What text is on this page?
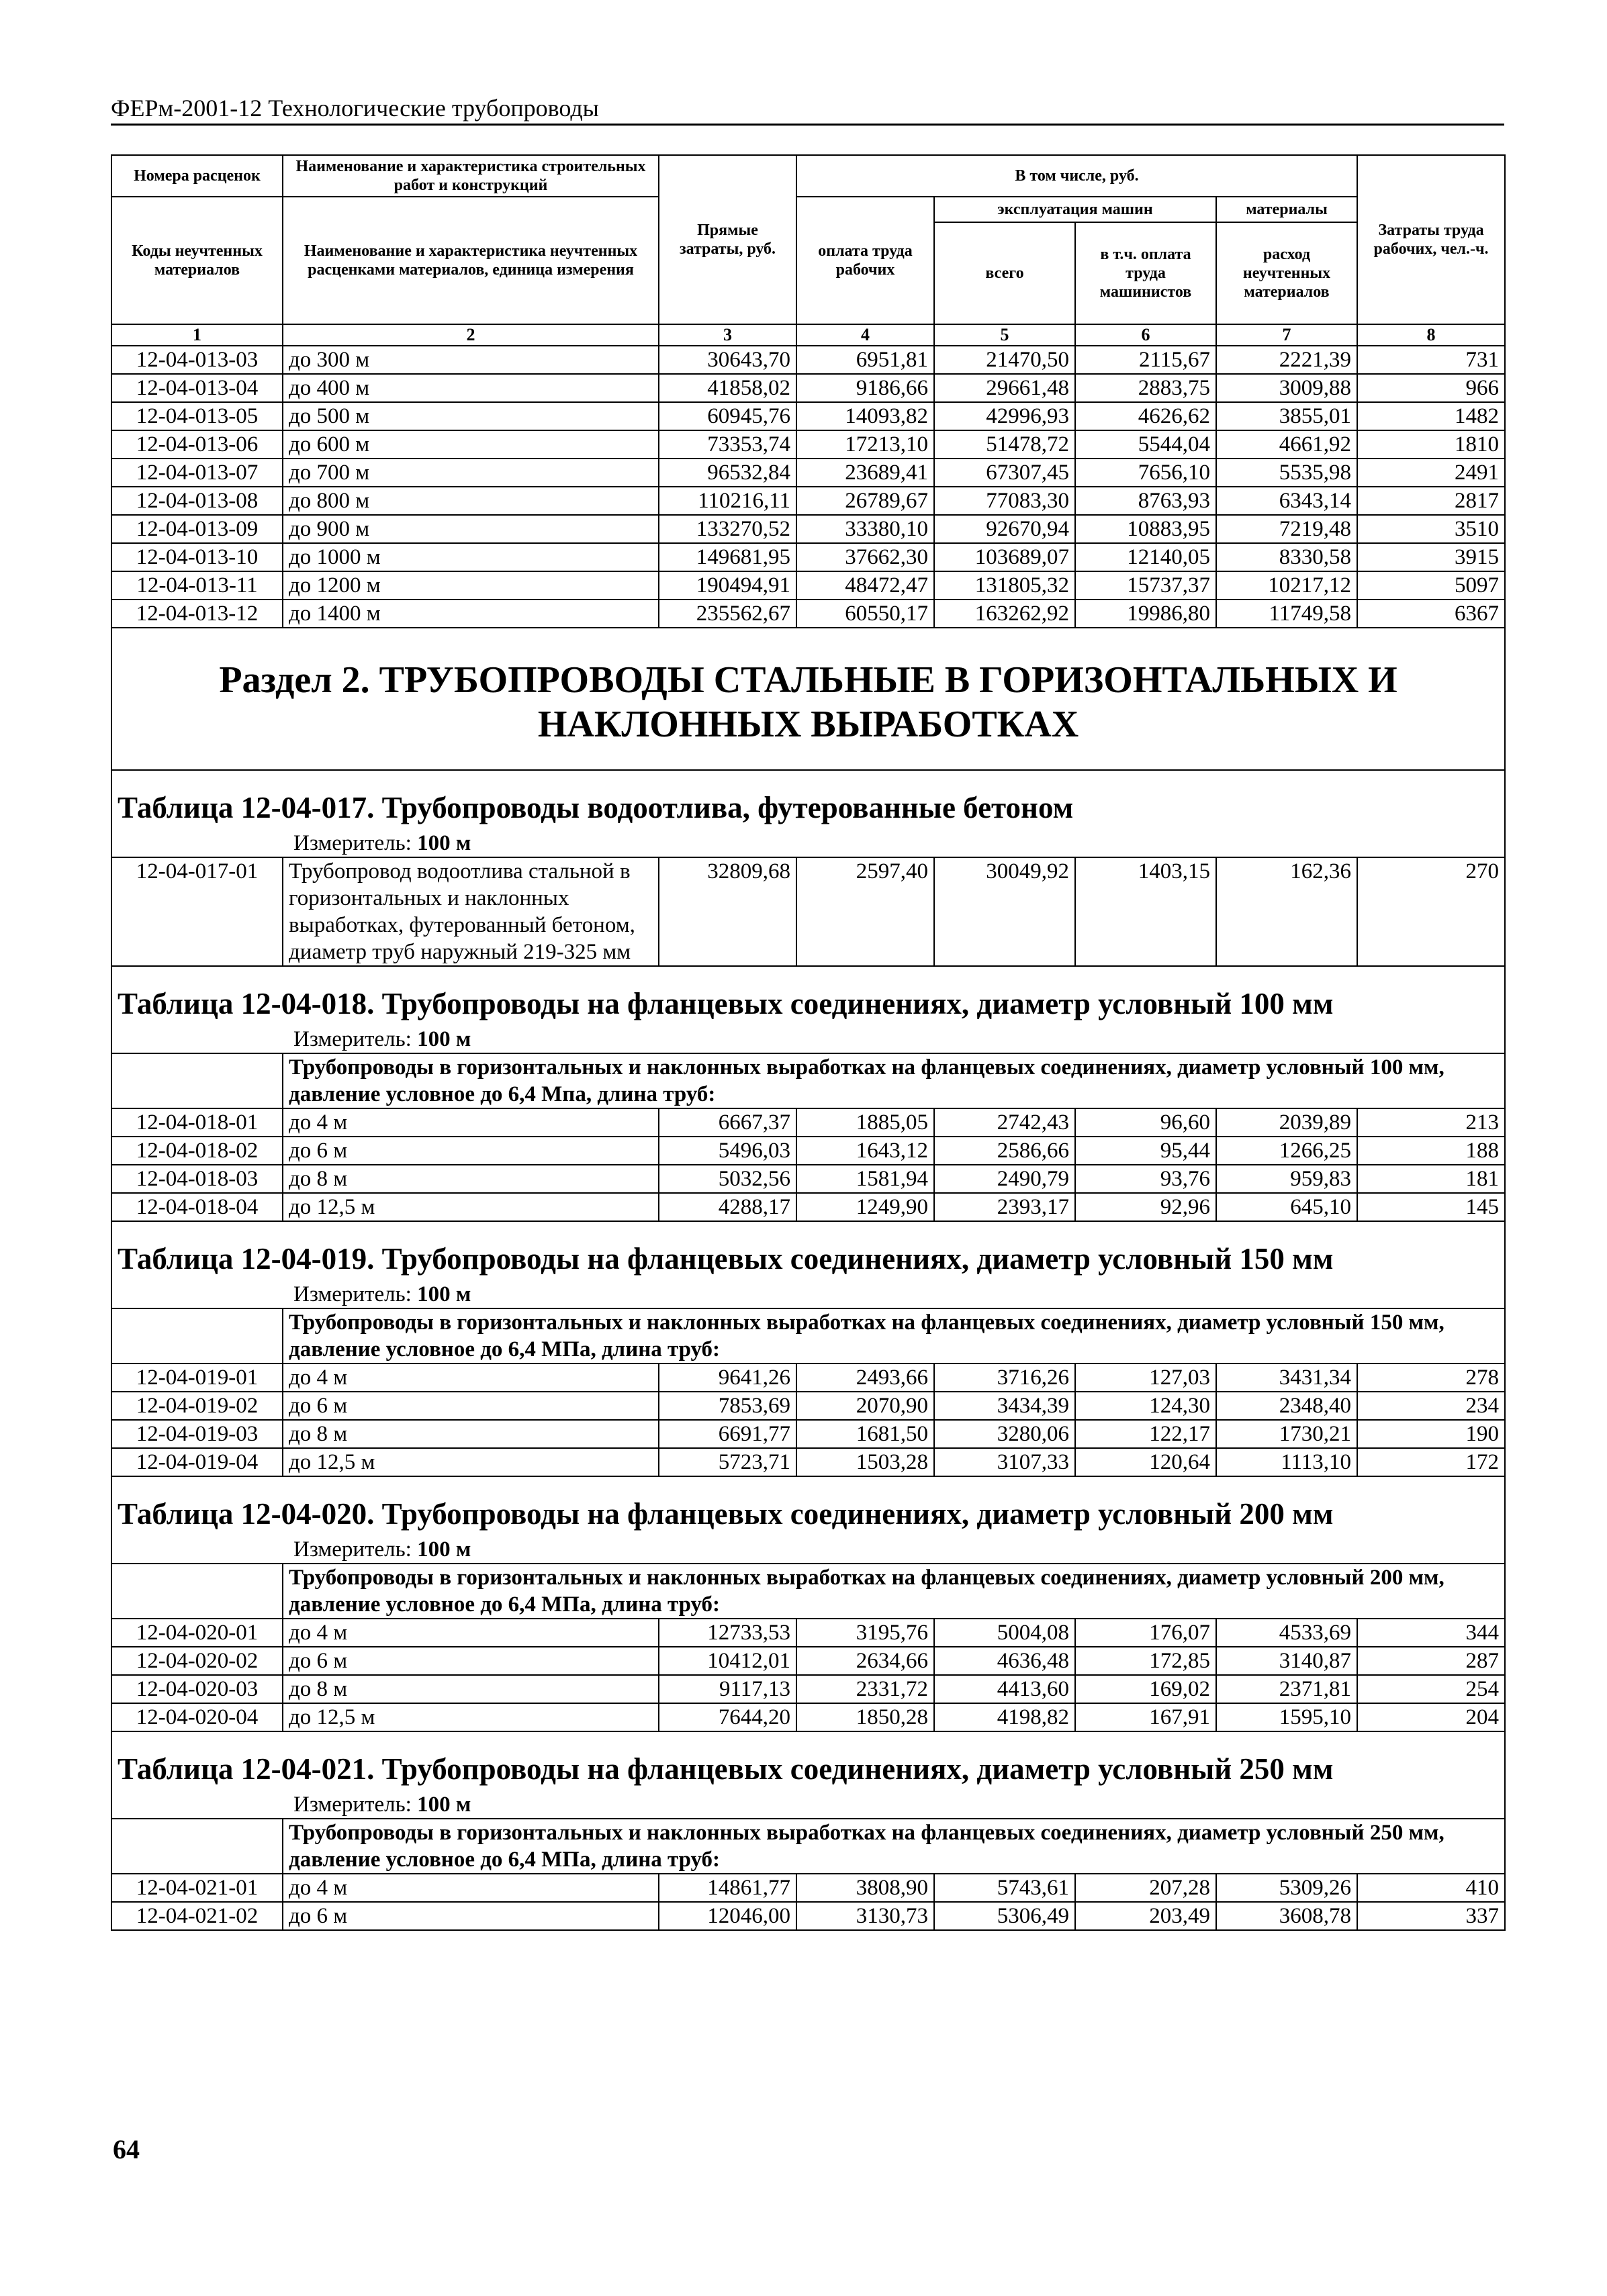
ФЕРм-2001-12 Технологические трубопроводы
Номера расценок	Наименование и характеристика строительных работ и конструкций	Прямые затраты, руб.	В том числе, руб.				Затраты труда рабочих, чел.-ч.
Коды неучтенных материалов	Наименование и характеристика неучтенных расценками материалов, единица измерения		оплата труда рабочих	эксплуатация машин		материалы	
				всего	в т.ч. оплата труда машинистов	расход неучтенных материалов	
1	2	3	4	5	6	7	8
12-04-013-03	до 300 м	30643,70	6951,81	21470,50	2115,67	2221,39	731
12-04-013-04	до 400 м	41858,02	9186,66	29661,48	2883,75	3009,88	966
12-04-013-05	до 500 м	60945,76	14093,82	42996,93	4626,62	3855,01	1482
12-04-013-06	до 600 м	73353,74	17213,10	51478,72	5544,04	4661,92	1810
12-04-013-07	до 700 м	96532,84	23689,41	67307,45	7656,10	5535,98	2491
12-04-013-08	до 800 м	110216,11	26789,67	77083,30	8763,93	6343,14	2817
12-04-013-09	до 900 м	133270,52	33380,10	92670,94	10883,95	7219,48	3510
12-04-013-10	до 1000 м	149681,95	37662,30	103689,07	12140,05	8330,58	3915
12-04-013-11	до 1200 м	190494,91	48472,47	131805,32	15737,37	10217,12	5097
12-04-013-12	до 1400 м	235562,67	60550,17	163262,92	19986,80	11749,58	6367

Раздел 2. ТРУБОПРОВОДЫ СТАЛЬНЫЕ В ГОРИЗОНТАЛЬНЫХ И НАКЛОННЫХ ВЫРАБОТКАХ							

Таблица 12-04-017. Трубопроводы водоотлива, футерованные бетоном
Измеритель: 100 м							

12-04-017-01	Трубопровод водоотлива стальной в горизонтальных и наклонных выработках, футерованный бетоном, диаметр труб наружный 219-325 мм	32809,68	2597,40	30049,92	1403,15	162,36	270

Таблица 12-04-018. Трубопроводы на фланцевых соединениях, диаметр условный 100 мм
Измеритель: 100 м							

	Трубопроводы в горизонтальных и наклонных выработках на фланцевых соединениях, диаметр условный 100 мм, давление условное до 6,4 Мпа, длина труб:						
12-04-018-01	до 4 м	6667,37	1885,05	2742,43	96,60	2039,89	213
12-04-018-02	до 6 м	5496,03	1643,12	2586,66	95,44	1266,25	188
12-04-018-03	до 8 м	5032,56	1581,94	2490,79	93,76	959,83	181
12-04-018-04	до 12,5 м	4288,17	1249,90	2393,17	92,96	645,10	145

Таблица 12-04-019. Трубопроводы на фланцевых соединениях, диаметр условный 150 мм
Измеритель: 100 м							

	Трубопроводы в горизонтальных и наклонных выработках на фланцевых соединениях, диаметр условный 150 мм, давление условное до 6,4 МПа, длина труб:						
12-04-019-01	до 4 м	9641,26	2493,66	3716,26	127,03	3431,34	278
12-04-019-02	до 6 м	7853,69	2070,90	3434,39	124,30	2348,40	234
12-04-019-03	до 8 м	6691,77	1681,50	3280,06	122,17	1730,21	190
12-04-019-04	до 12,5 м	5723,71	1503,28	3107,33	120,64	1113,10	172

Таблица 12-04-020. Трубопроводы на фланцевых соединениях, диаметр условный 200 мм
Измеритель: 100 м							

	Трубопроводы в горизонтальных и наклонных выработках на фланцевых соединениях, диаметр условный 200 мм, давление условное до 6,4 МПа, длина труб:						
12-04-020-01	до 4 м	12733,53	3195,76	5004,08	176,07	4533,69	344
12-04-020-02	до 6 м	10412,01	2634,66	4636,48	172,85	3140,87	287
12-04-020-03	до 8 м	9117,13	2331,72	4413,60	169,02	2371,81	254
12-04-020-04	до 12,5 м	7644,20	1850,28	4198,82	167,91	1595,10	204

Таблица 12-04-021. Трубопроводы на фланцевых соединениях, диаметр условный 250 мм
Измеритель: 100 м							

	Трубопроводы в горизонтальных и наклонных выработках на фланцевых соединениях, диаметр условный 250 мм, давление условное до 6,4 МПа, длина труб:						
12-04-021-01	до 4 м	14861,77	3808,90	5743,61	207,28	5309,26	410
12-04-021-02	до 6 м	12046,00	3130,73	5306,49	203,49	3608,78	337
64
